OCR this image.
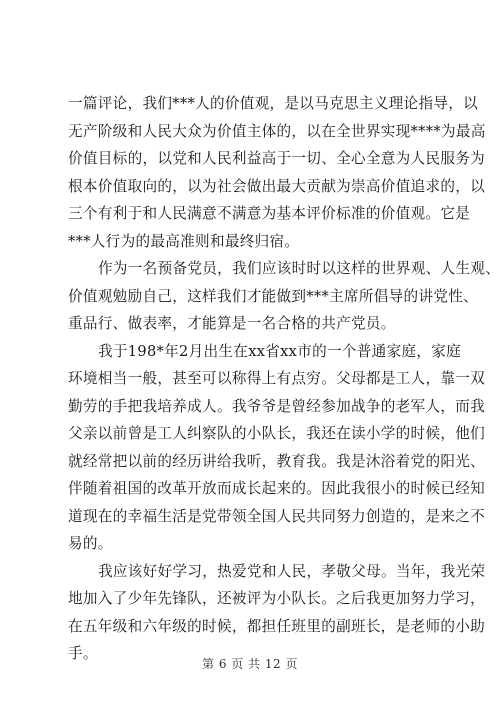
一篇评论，我们***人的价值观，是以马克思主义理论指导，以
无产阶级和人民大众为价值主体的，以在全世界实现****为最高
价值目标的，以党和人民利益高于一切、全心全意为人民服务为
根本价值取向的，以为社会做出最大贡献为崇高价值追求的，以
三个有利于和人民满意不满意为基本评价标准的价值观。它是
***人行为的最高准则和最终归宿。
作为一名预备党员，我们应该时时以这样的世界观、人生观、
价值观勉励自己，这样我们才能做到***主席所倡导的讲党性、
重品行、做表率，才能算是一名合格的共产党员。
我于198*年2月出生在xx省xx市的一个普通家庭，家庭
环境相当一般，甚至可以称得上有点穷。父母都是工人，靠一双
勤劳的手把我培养成人。我爷爷是曾经参加战争的老军人，而我
父亲以前曾是工人纠察队的小队长，我还在读小学的时候，他们
就经常把以前的经历讲给我听，教育我。我是沐浴着党的阳光、
伴随着祖国的改革开放而成长起来的。因此我很小的时候已经知
道现在的幸福生活是党带领全国人民共同努力创造的，是来之不
易的。
我应该好好学习，热爱党和人民，孝敬父母。当年，我光荣
地加入了少年先锋队，还被评为小队长。之后我更加努力学习，
在五年级和六年级的时候，都担任班里的副班长，是老师的小助
手。
第 6 页 共 12 页
